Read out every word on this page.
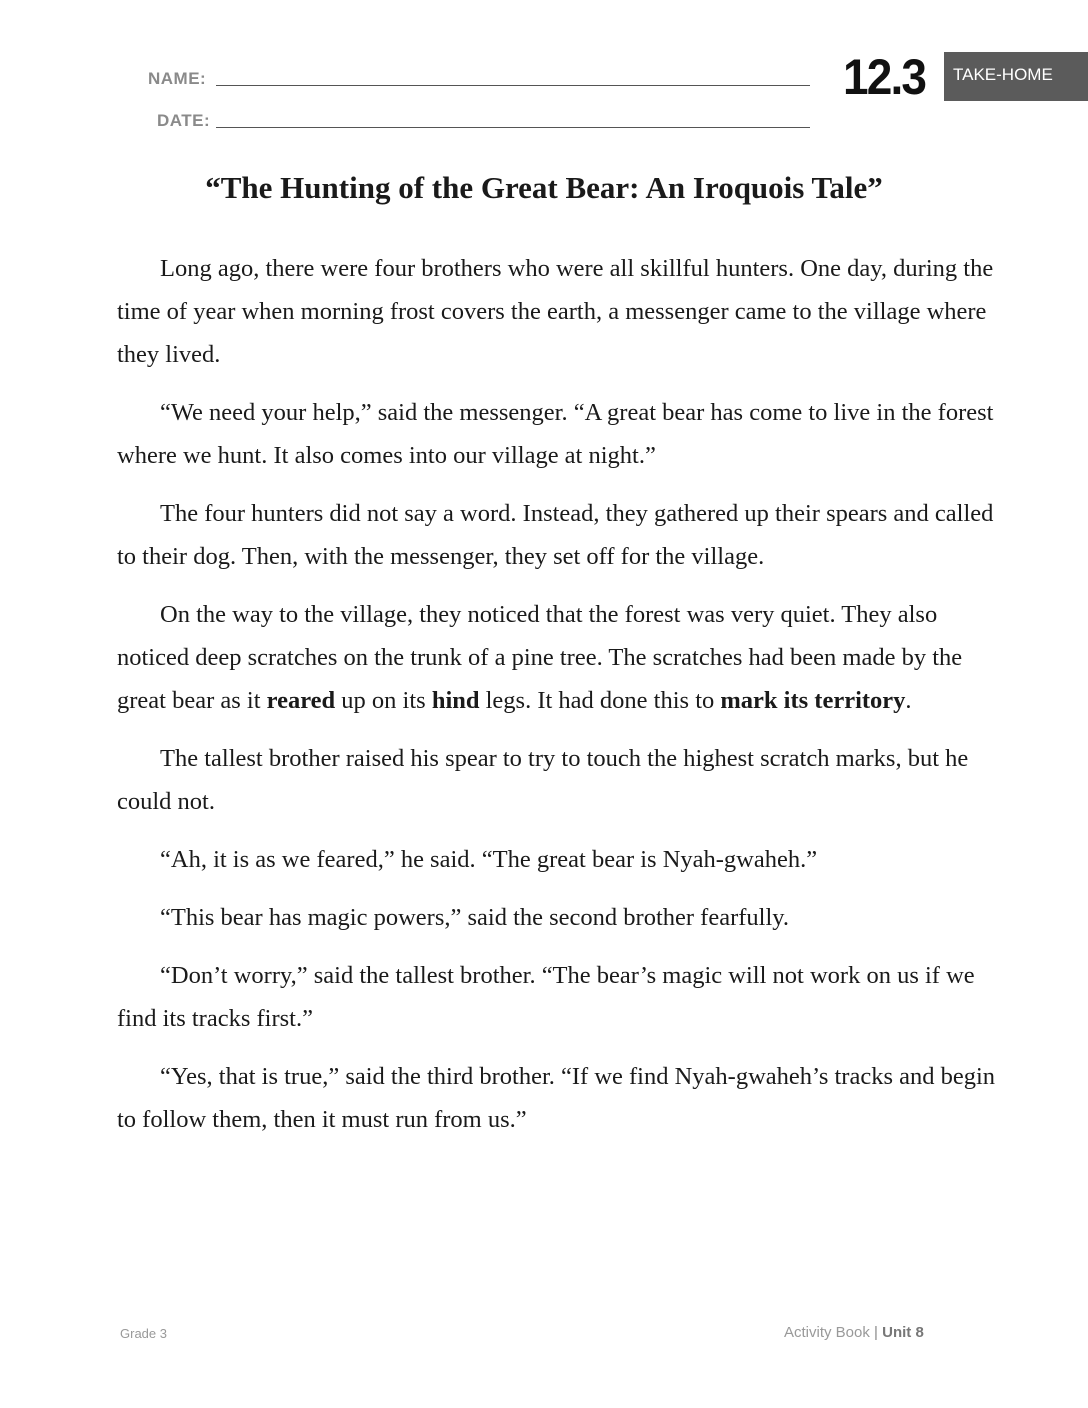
NAME:
DATE:
12.3	TAKE-HOME
“The Hunting of the Great Bear: An Iroquois Tale”

Long ago, there were four brothers who were all skillful hunters. One day, during the time of year when morning frost covers the earth, a messenger came to the village where they lived.

“We need your help,” said the messenger. “A great bear has come to live in the forest where we hunt. It also comes into our village at night.”

The four hunters did not say a word. Instead, they gathered up their spears and called to their dog. Then, with the messenger, they set off for the village.

On the way to the village, they noticed that the forest was very quiet. They also noticed deep scratches on the trunk of a pine tree. The scratches had been made by the great bear as it reared up on its hind legs. It had done this to mark its territory.

The tallest brother raised his spear to try to touch the highest scratch marks, but he could not.

“Ah, it is as we feared,” he said. “The great bear is Nyah-gwaheh.”

“This bear has magic powers,” said the second brother fearfully.

“Don’t worry,” said the tallest brother. “The bear’s magic will not work on us if we find its tracks first.”

“Yes, that is true,” said the third brother. “If we find Nyah-gwaheh’s tracks and begin to follow them, then it must run from us.”

Grade 3	Activity Book | Unit 8
